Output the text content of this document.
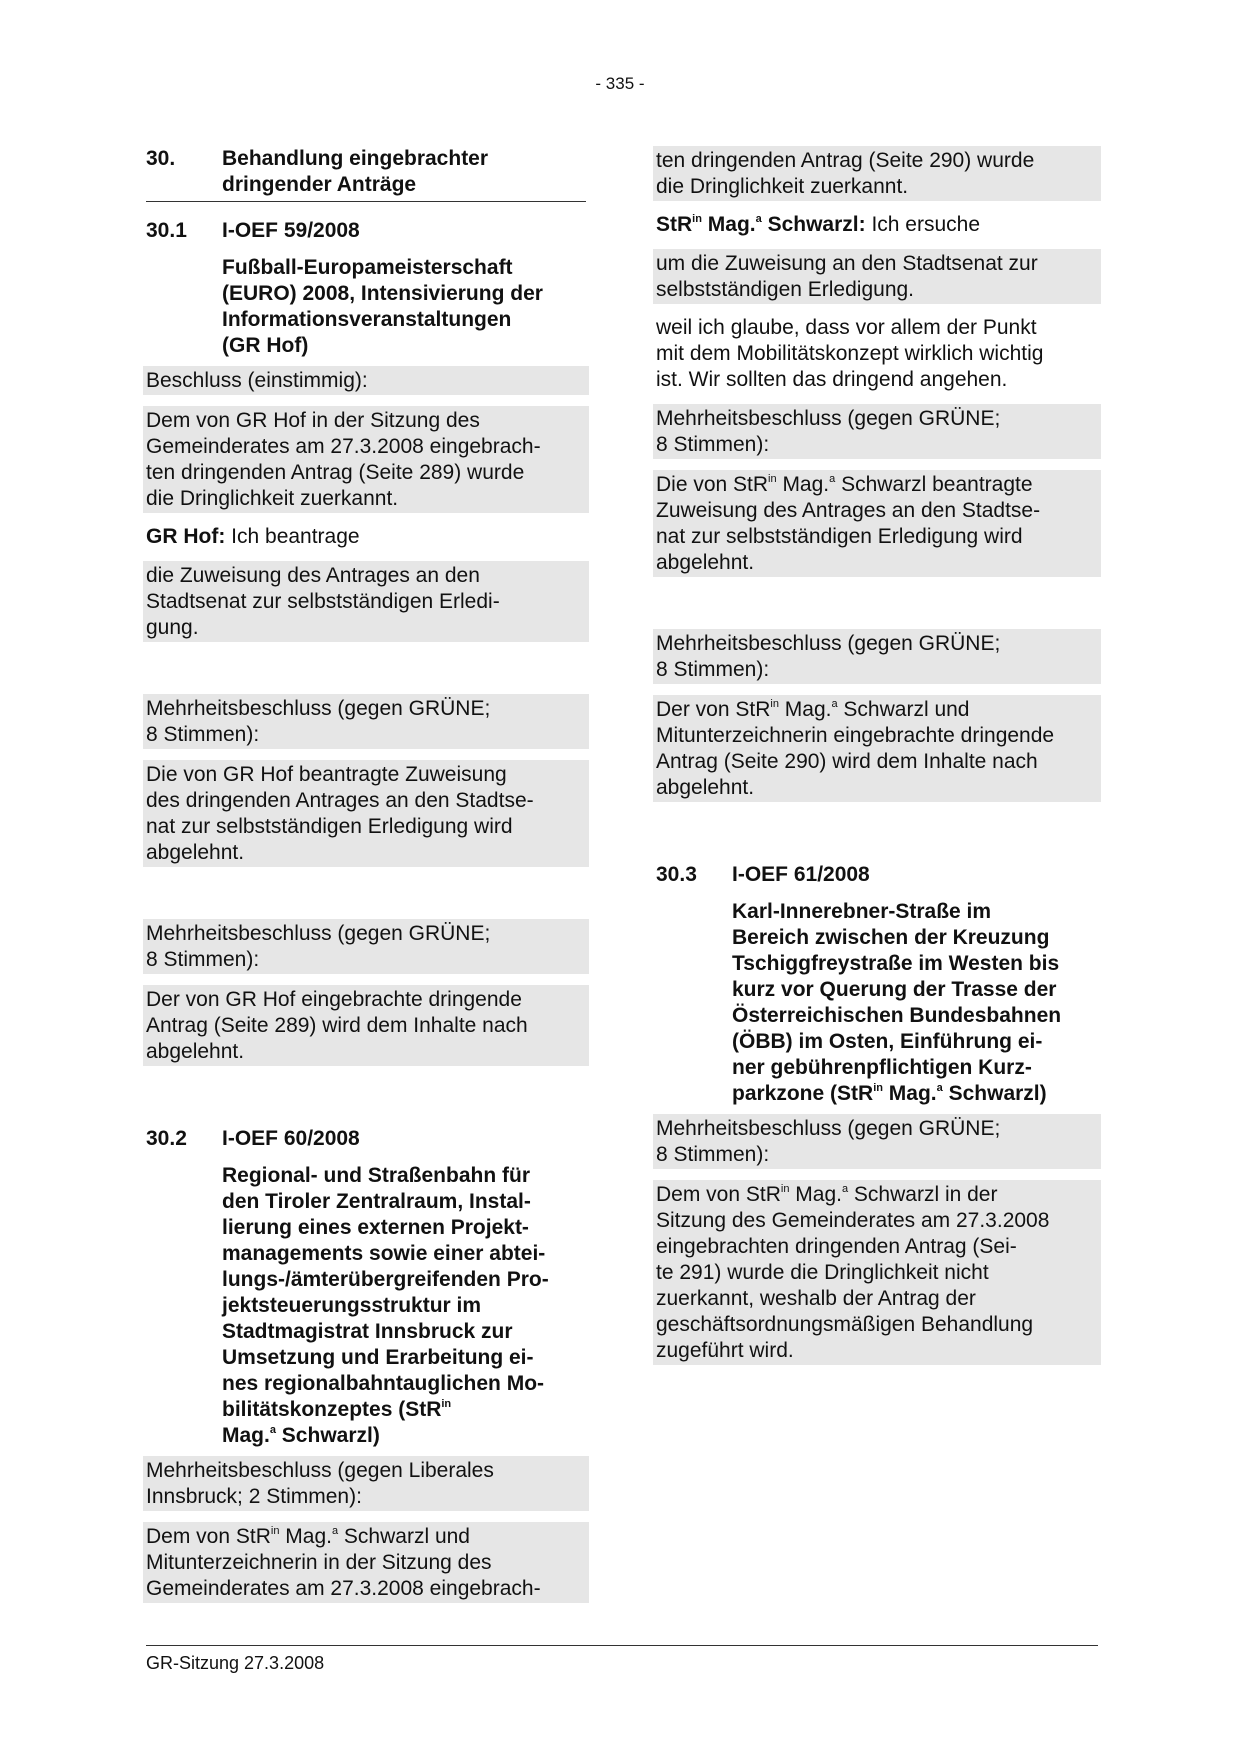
- 335 -
30.	Behandlung eingebrachter
dringender Anträge
30.1	I-OEF 59/2008
Fußball-Europameisterschaft
(EURO) 2008, Intensivierung der
Informationsveranstaltungen
(GR Hof)
Beschluss (einstimmig):
Dem von GR Hof in der Sitzung des
Gemeinderates am 27.3.2008 eingebrach-
ten dringenden Antrag (Seite 289) wurde
die Dringlichkeit zuerkannt.
GR Hof: Ich beantrage
die Zuweisung des Antrages an den
Stadtsenat zur selbstständigen Erledi-
gung.
Mehrheitsbeschluss (gegen GRÜNE;
8 Stimmen):
Die von GR Hof beantragte Zuweisung
des dringenden Antrages an den Stadtse-
nat zur selbstständigen Erledigung wird
abgelehnt.
Mehrheitsbeschluss (gegen GRÜNE;
8 Stimmen):
Der von GR Hof eingebrachte dringende
Antrag (Seite 289) wird dem Inhalte nach
abgelehnt.
30.2	I-OEF 60/2008
Regional- und Straßenbahn für
den Tiroler Zentralraum, Instal-
lierung eines externen Projekt-
managements sowie einer abtei-
lungs-/ämterübergreifenden Pro-
jektsteuerungsstruktur im
Stadtmagistrat Innsbruck zur
Umsetzung und Erarbeitung ei-
nes regionalbahntauglichen Mo-
bilitätskonzeptes (StR$^{in}$
Mag.$^a$ Schwarzl)
Mehrheitsbeschluss (gegen Liberales
Innsbruck; 2 Stimmen):
Dem von StR$^{in}$ Mag.$^a$ Schwarzl und
Mitunterzeichnerin in der Sitzung des
Gemeinderates am 27.3.2008 eingebrach-
ten dringenden Antrag (Seite 290) wurde
die Dringlichkeit zuerkannt.
StR$^{in}$ Mag.$^a$ Schwarzl: Ich ersuche
um die Zuweisung an den Stadtsenat zur
selbstständigen Erledigung.
weil ich glaube, dass vor allem der Punkt
mit dem Mobilitätskonzept wirklich wichtig
ist. Wir sollten das dringend angehen.
Mehrheitsbeschluss (gegen GRÜNE;
8 Stimmen):
Die von StR$^{in}$ Mag.$^a$ Schwarzl beantragte
Zuweisung des Antrages an den Stadtse-
nat zur selbstständigen Erledigung wird
abgelehnt.
Mehrheitsbeschluss (gegen GRÜNE;
8 Stimmen):
Der von StR$^{in}$ Mag.$^a$ Schwarzl und
Mitunterzeichnerin eingebrachte dringende
Antrag (Seite 290) wird dem Inhalte nach
abgelehnt.
30.3	I-OEF 61/2008
Karl-Innerebner-Straße im
Bereich zwischen der Kreuzung
Tschiggfreystraße im Westen bis
kurz vor Querung der Trasse der
Österreichischen Bundesbahnen
(ÖBB) im Osten, Einführung ei-
ner gebührenpflichtigen Kurz-
parkzone (StR$^{in}$ Mag.$^a$ Schwarzl)
Mehrheitsbeschluss (gegen GRÜNE;
8 Stimmen):
Dem von StR$^{in}$ Mag.$^a$ Schwarzl in der
Sitzung des Gemeinderates am 27.3.2008
eingebrachten dringenden Antrag (Sei-
te 291) wurde die Dringlichkeit nicht
zuerkannt, weshalb der Antrag der
geschäftsordnungsmäßigen Behandlung
zugeführt wird.
GR-Sitzung 27.3.2008
